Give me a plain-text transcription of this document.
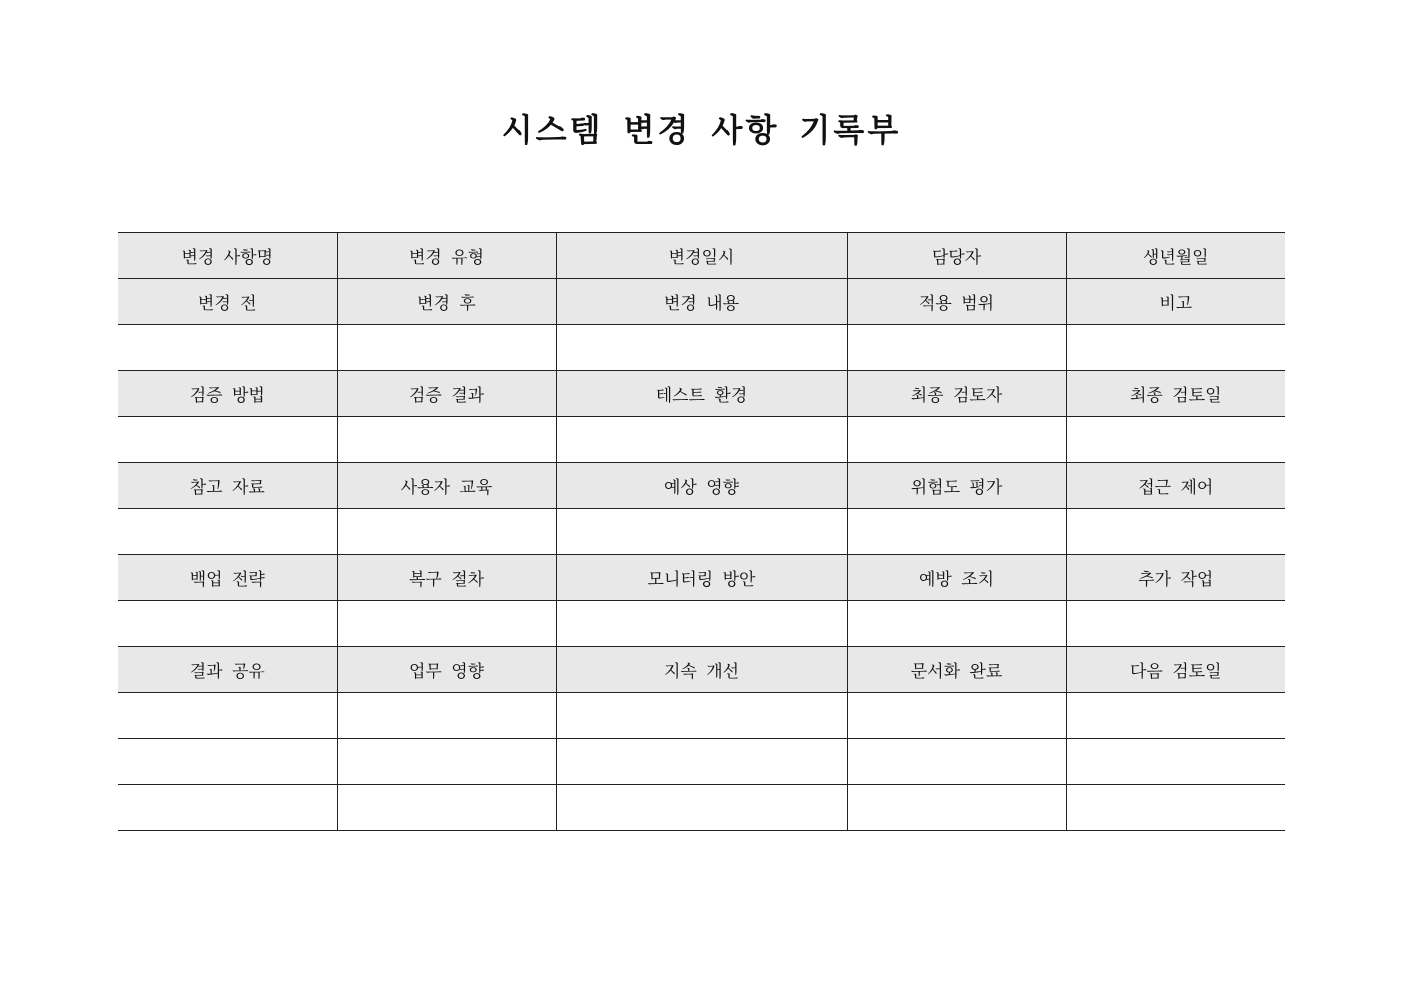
시스템 변경 사항 기록부
변경 사항명	변경 유형	변경일시	담당자	생년월일
변경 전	변경 후	변경 내용	적용 범위	비고

검증 방법	검증 결과	테스트 환경	최종 검토자	최종 검토일

참고 자료	사용자 교육	예상 영향	위험도 평가	접근 제어

백업 전략	복구 절차	모니터링 방안	예방 조치	추가 작업

결과 공유	업무 영향	지속 개선	문서화 완료	다음 검토일
